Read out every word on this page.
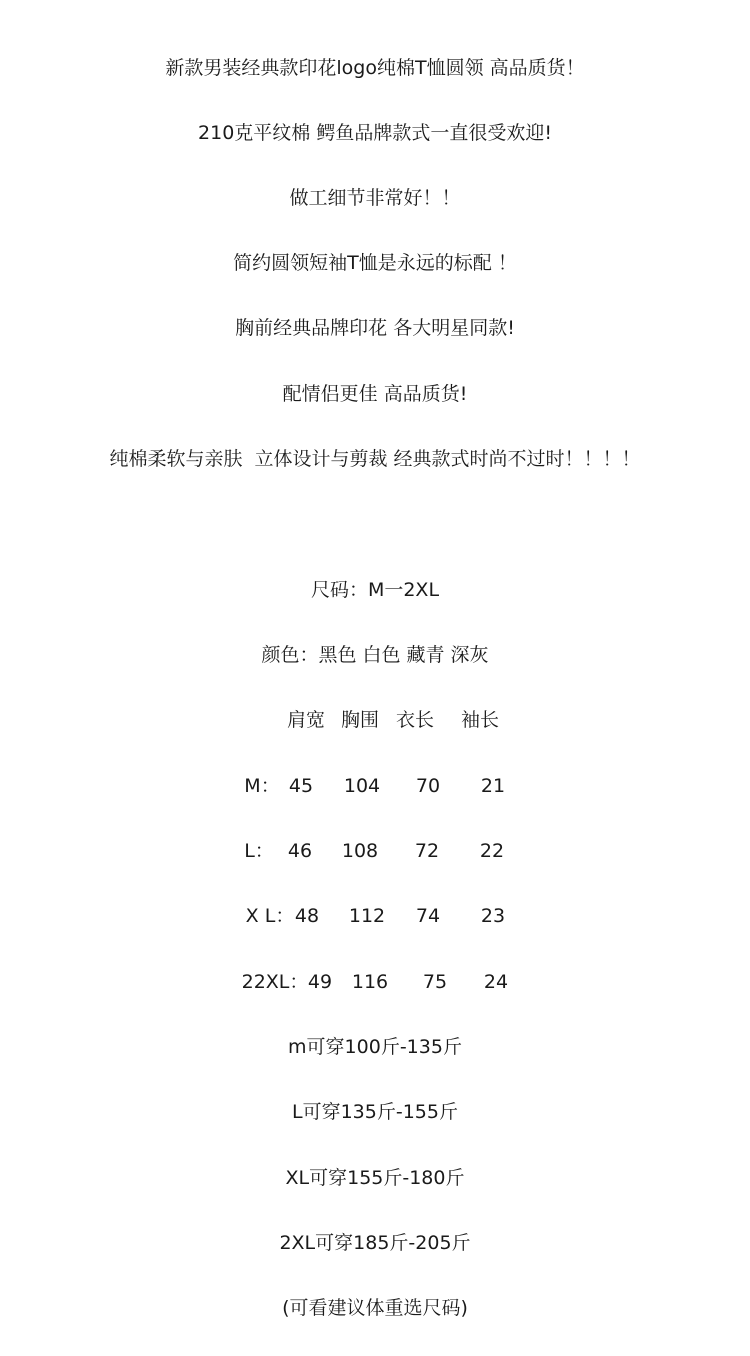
新款男装经典款印花logo纯棉T恤圆领 高品质货！
210克平纹棉 鳄鱼品牌款式一直很受欢迎!
做工细节非常好！！
简约圆领短袖T恤是永远的标配 ！
胸前经典品牌印花 各大明星同款!
配情侣更佳 高品质货!
纯棉柔软与亲肤  立体设计与剪裁 经典款式时尚不过时！！！！
尺码：M一2XL
颜色：黑色 白色 藏青 深灰
肩宽 胸围 衣长 袖长
M： 45 104 70 21
L： 46 108 72 22
X L： 48 112 74 23
22XL： 49 116 75 24
m可穿100斤-135斤
L可穿135斤-155斤
XL可穿155斤-180斤
2XL可穿185斤-205斤
(可看建议体重选尺码)
